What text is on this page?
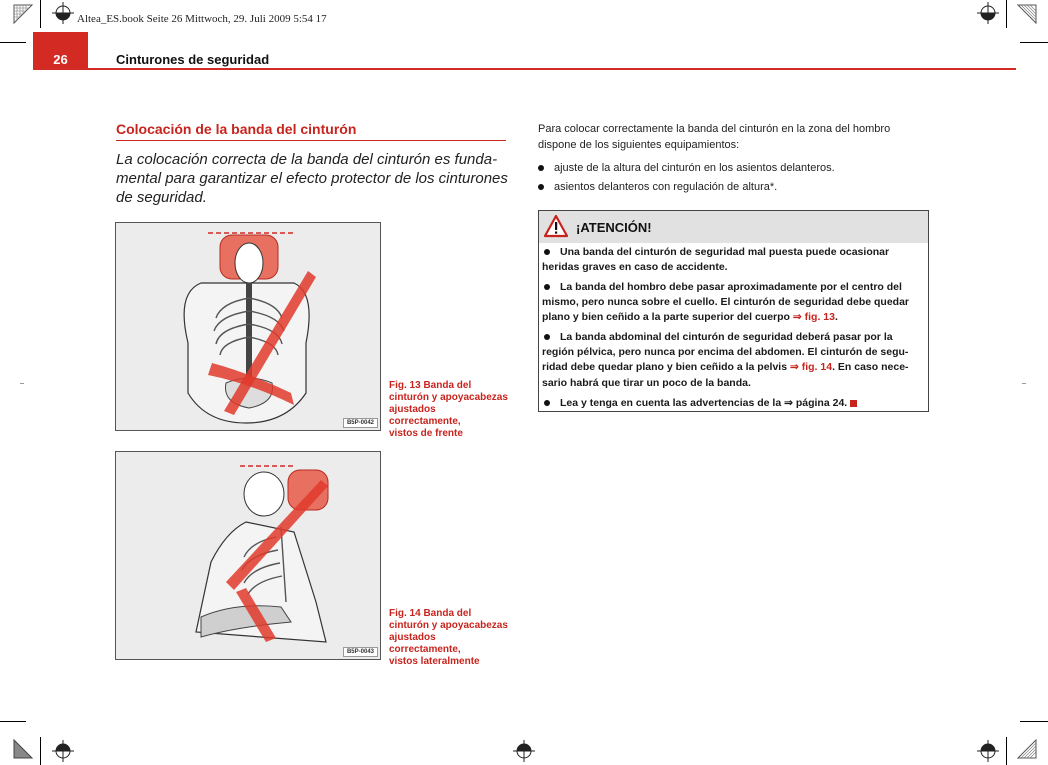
Altea_ES.book Seite 26 Mittwoch, 29. Juli 2009 5:54 17
26	Cinturones de seguridad
Colocación de la banda del cinturón
La colocación correcta de la banda del cinturón es funda-
mental para garantizar el efecto protector de los cinturones
de seguridad.
B5P-0042
Fig. 13 Banda del
cinturón y apoyacabezas
ajustados correctamente,
vistos de frente
B5P-0043
Fig. 14 Banda del
cinturón y apoyacabezas
ajustados correctamente,
vistos lateralmente
Para colocar correctamente la banda del cinturón en la zona del hombro
dispone de los siguientes equipamientos:
ajuste de la altura del cinturón en los asientos delanteros.
asientos delanteros con regulación de altura*.
¡ATENCIÓN!
Una banda del cinturón de seguridad mal puesta puede ocasionar
heridas graves en caso de accidente.
La banda del hombro debe pasar aproximadamente por el centro del
mismo, pero nunca sobre el cuello. El cinturón de seguridad debe quedar
plano y bien ceñido a la parte superior del cuerpo ⇒ fig. 13.
La banda abdominal del cinturón de seguridad deberá pasar por la
región pélvica, pero nunca por encima del abdomen. El cinturón de segu-
ridad debe quedar plano y bien ceñido a la pelvis ⇒ fig. 14. En caso nece-
sario habrá que tirar un poco de la banda.
Lea y tenga en cuenta las advertencias de la ⇒ página 24.
